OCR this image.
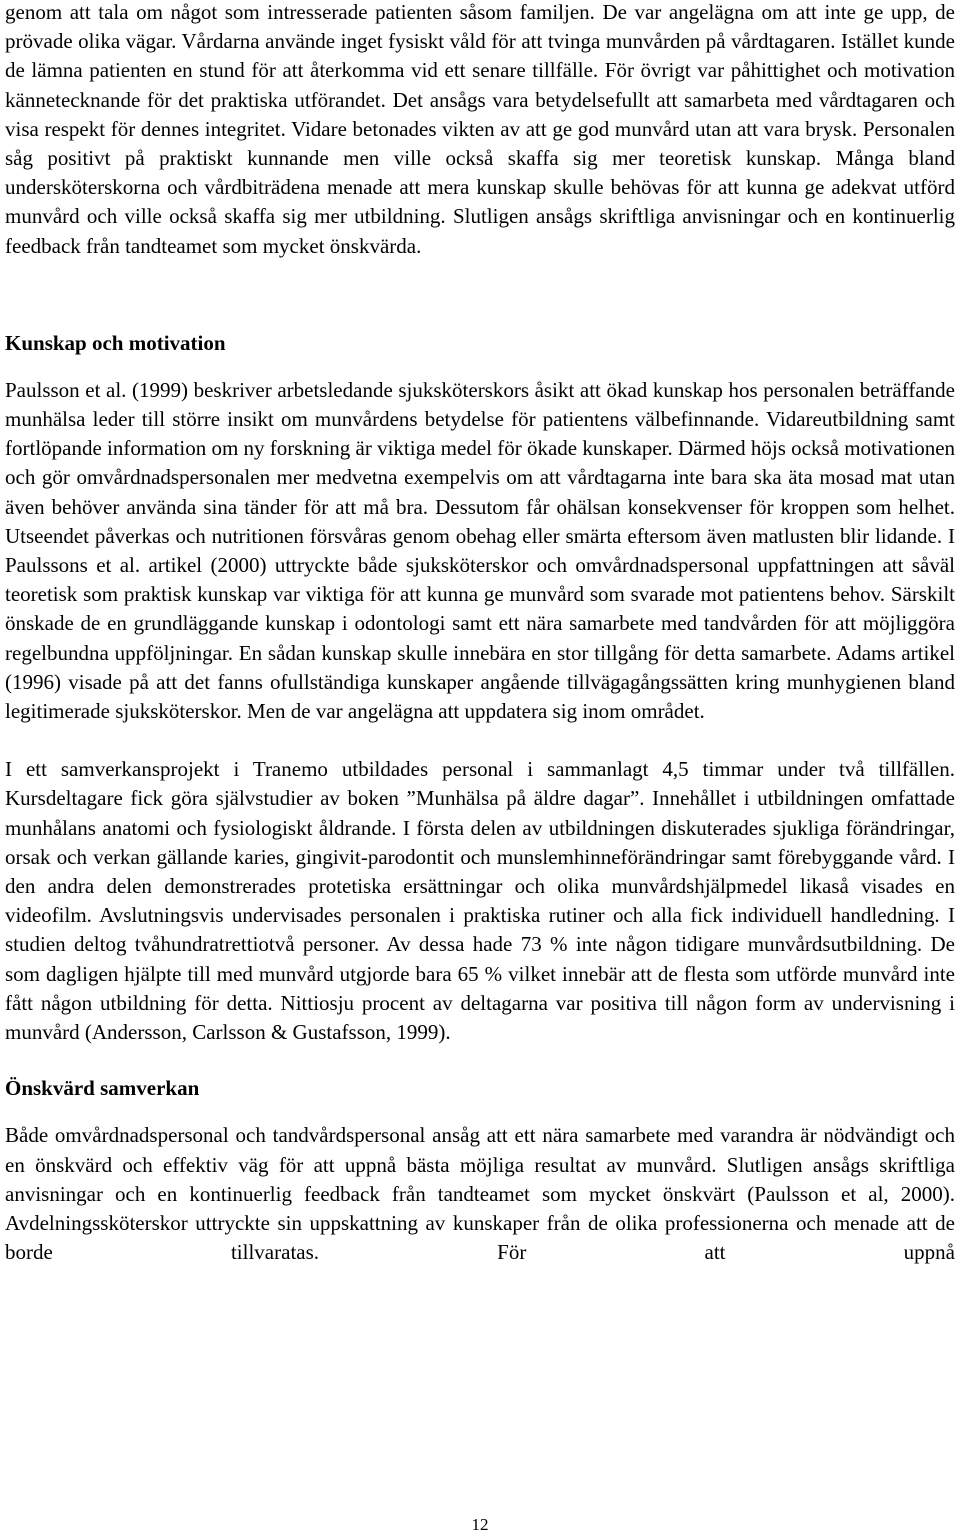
genom att tala om något som intresserade patienten såsom familjen. De var angelägna om att inte ge upp, de prövade olika vägar. Vårdarna använde inget fysiskt våld för att tvinga munvården på vårdtagaren. Istället kunde de lämna patienten en stund för att återkomma vid ett senare tillfälle. För övrigt var påhittighet och motivation kännetecknande för det praktiska utförandet. Det ansågs vara betydelsefullt att samarbeta med vårdtagaren och visa respekt för dennes integritet. Vidare betonades vikten av att ge god munvård utan att vara brysk. Personalen såg positivt på praktiskt kunnande men ville också skaffa sig mer teoretisk kunskap. Många bland undersköterskorna och vårdbiträdena menade att mera kunskap skulle behövas för att kunna ge adekvat utförd munvård och ville också skaffa sig mer utbildning. Slutligen ansågs skriftliga anvisningar och en kontinuerlig feedback från tandteamet som mycket önskvärda.

Kunskap och motivation

Paulsson et al. (1999) beskriver arbetsledande sjuksköterskors åsikt att ökad kunskap hos personalen beträffande munhälsa leder till större insikt om munvårdens betydelse för patientens välbefinnande. Vidareutbildning samt fortlöpande information om ny forskning är viktiga medel för ökade kunskaper. Därmed höjs också motivationen och gör omvårdnadspersonalen mer medvetna exempelvis om att vårdtagarna inte bara ska äta mosad mat utan även behöver använda sina tänder för att må bra. Dessutom får ohälsan konsekvenser för kroppen som helhet. Utseendet påverkas och nutritionen försvåras genom obehag eller smärta eftersom även matlusten blir lidande. I Paulssons et al. artikel (2000) uttryckte både sjuksköterskor och omvårdnadspersonal uppfattningen att såväl teoretisk som praktisk kunskap var viktiga för att kunna ge munvård som svarade mot patientens behov. Särskilt önskade de en grundläggande kunskap i odontologi samt ett nära samarbete med tandvården för att möjliggöra regelbundna uppföljningar. En sådan kunskap skulle innebära en stor tillgång för detta samarbete. Adams artikel (1996) visade på att det fanns ofullständiga kunskaper angående tillvägagångssätten kring munhygienen bland legitimerade sjuksköterskor. Men de var angelägna att uppdatera sig inom området.

I ett samverkansprojekt i Tranemo utbildades personal i sammanlagt 4,5 timmar under två tillfällen. Kursdeltagare fick göra självstudier av boken ”Munhälsa på äldre dagar”. Innehållet i utbildningen omfattade munhålans anatomi och fysiologiskt åldrande. I första delen av utbildningen diskuterades sjukliga förändringar, orsak och verkan gällande karies, gingivit-parodontit och munslemhinneförändringar samt förebyggande vård. I den andra delen demonstrerades protetiska ersättningar och olika munvårdshjälpmedel likaså visades en videofilm. Avslutningsvis undervisades personalen i praktiska rutiner och alla fick individuell handledning. I studien deltog tvåhundratrettiotvå personer. Av dessa hade 73 % inte någon tidigare munvårdsutbildning. De som dagligen hjälpte till med munvård utgjorde bara 65 % vilket innebär att de flesta som utförde munvård inte fått någon utbildning för detta. Nittiosju procent av deltagarna var positiva till någon form av undervisning i munvård (Andersson, Carlsson & Gustafsson, 1999).

Önskvärd samverkan

Både omvårdnadspersonal och tandvårdspersonal ansåg att ett nära samarbete med varandra är nödvändigt och en önskvärd och effektiv väg för att uppnå bästa möjliga resultat av munvård. Slutligen ansågs skriftliga anvisningar och en kontinuerlig feedback från tandteamet som mycket önskvärt (Paulsson et al, 2000). Avdelningssköterskor uttryckte sin uppskattning av kunskaper från de olika professionerna och menade att de borde tillvaratas. För att uppnå

12
